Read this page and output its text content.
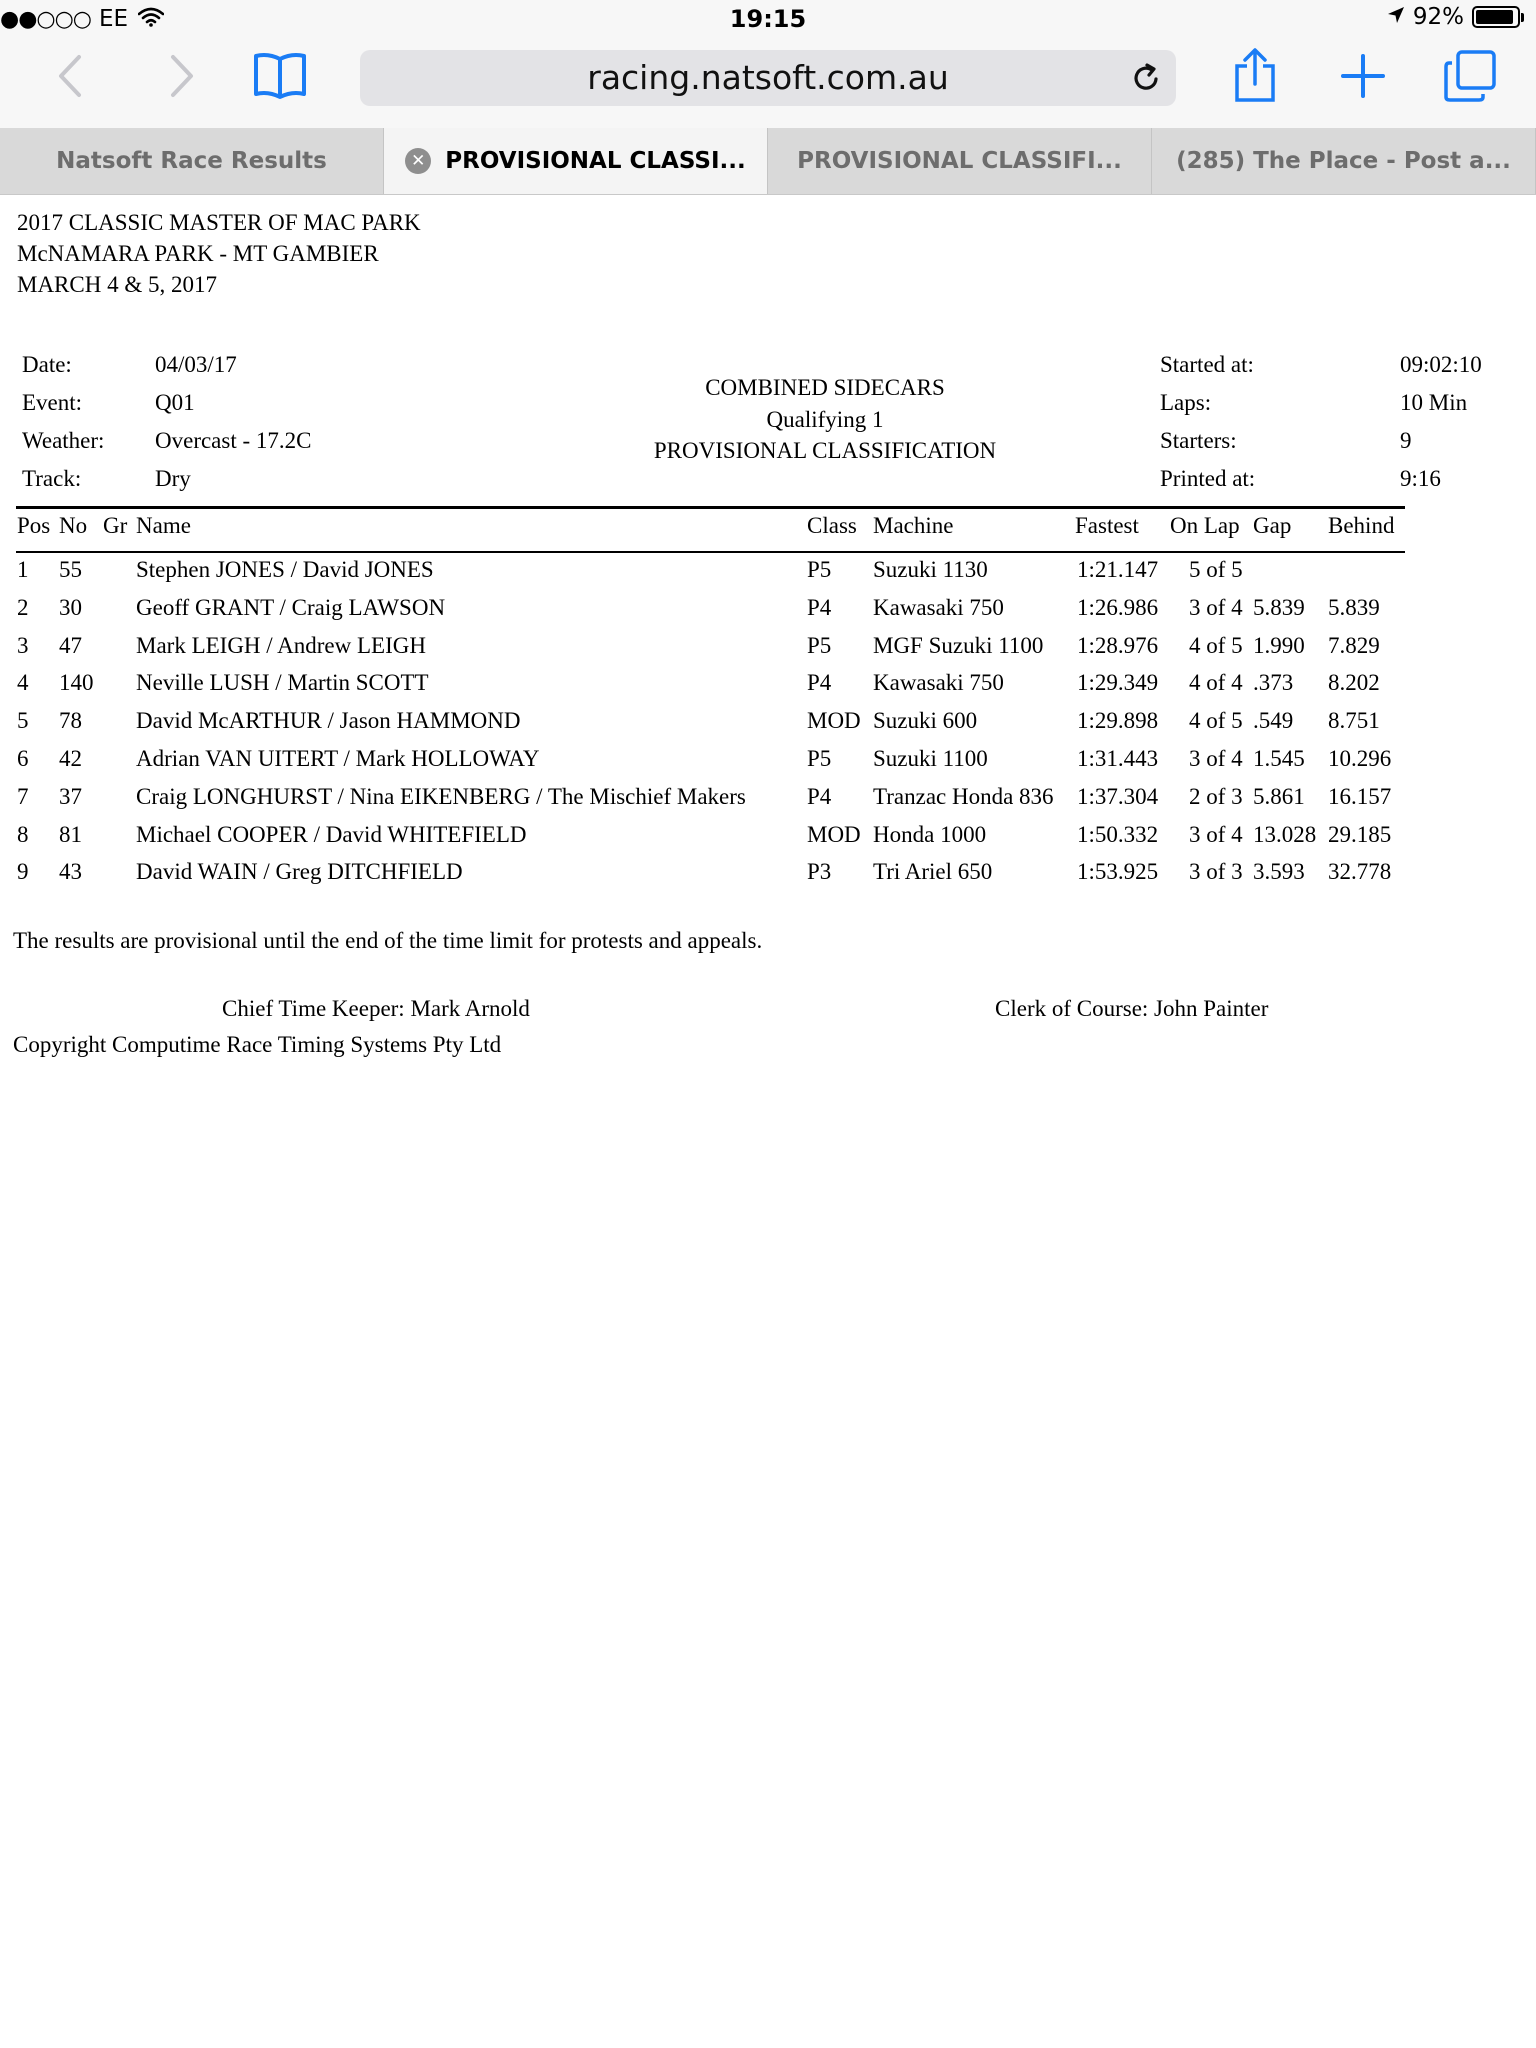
●●○○○ EE	19:15	92%
racing.natsoft.com.au
Natsoft Race Results	✕ PROVISIONAL CLASSI... PROVISIONAL CLASSIFI... (285) The Place - Post a...
2017 CLASSIC MASTER OF MAC PARK
McNAMARA PARK - MT GAMBIER
MARCH 4 & 5, 2017
Date:	04/03/17
Event:	Q01
Weather: Overcast - 17.2C
Track:	Dry
COMBINED SIDECARS
Qualifying 1
PROVISIONAL CLASSIFICATION
Started at:	09:02:10
Laps:	10 Min
Starters:	9
Printed at:	9:16
Pos No Gr Name	Class Machine	Fastest On Lap Gap Behind
1 55 Stephen JONES / David JONES	P5 Suzuki 1130	1:21.147 5 of 5
2 30 Geoff GRANT / Craig LAWSON	P4 Kawasaki 750	1:26.986 3 of 4 5.839 5.839
3 47 Mark LEIGH / Andrew LEIGH	P5 MGF Suzuki 1100 1:28.976 4 of 5 1.990 7.829
4 140 Neville LUSH / Martin SCOTT	P4 Kawasaki 750	1:29.349 4 of 4 .373 8.202
5 78 David McARTHUR / Jason HAMMOND	MOD Suzuki 600	1:29.898 4 of 5 .549 8.751
6 42 Adrian VAN UITERT / Mark HOLLOWAY	P5 Suzuki 1100	1:31.443 3 of 4 1.545 10.296
7 37 Craig LONGHURST / Nina EIKENBERG / The Mischief Makers	P4 Tranzac Honda 836 1:37.304 2 of 3 5.861 16.157
8 81 Michael COOPER / David WHITEFIELD	MOD Honda 1000	1:50.332 3 of 4 13.028 29.185
9 43 David WAIN / Greg DITCHFIELD	P3 Tri Ariel 650	1:53.925 3 of 3 3.593 32.778
The results are provisional until the end of the time limit for protests and appeals.
Chief Time Keeper: Mark Arnold	Clerk of Course: John Painter
Copyright Computime Race Timing Systems Pty Ltd
